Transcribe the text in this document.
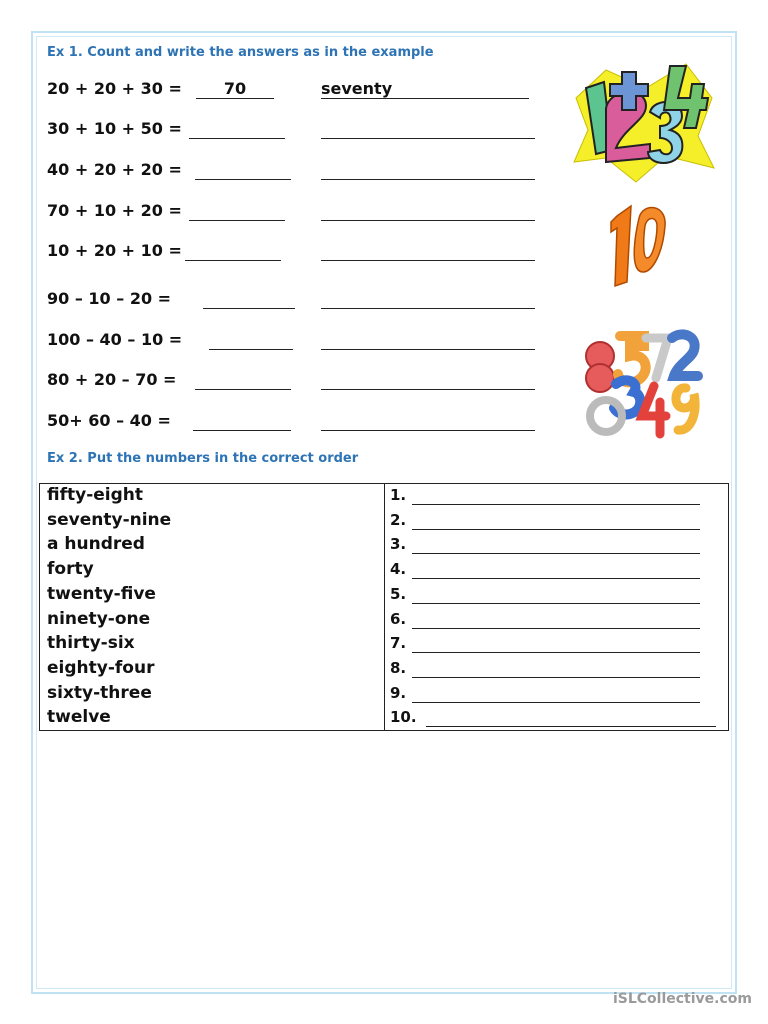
Ex 1. Count and write the answers as in the example
20 + 20 + 30 =	70	seventy
30 + 10 + 50 =
40 + 20 + 20 =
70 + 10 + 20 =
10 + 20 + 10 =
90 – 10 – 20 =
100 – 40 – 10 =
80 + 20 – 70 =
50+ 60 – 40 =
Ex 2. Put the numbers in the correct order
fifty-eight
seventy-nine
a hundred
forty
twenty-five
ninety-one
thirty-six
eighty-four
sixty-three
twelve
1.
2.
3.
4.
5.
6.
7.
8.
9.
10.
iSLCollective.com
